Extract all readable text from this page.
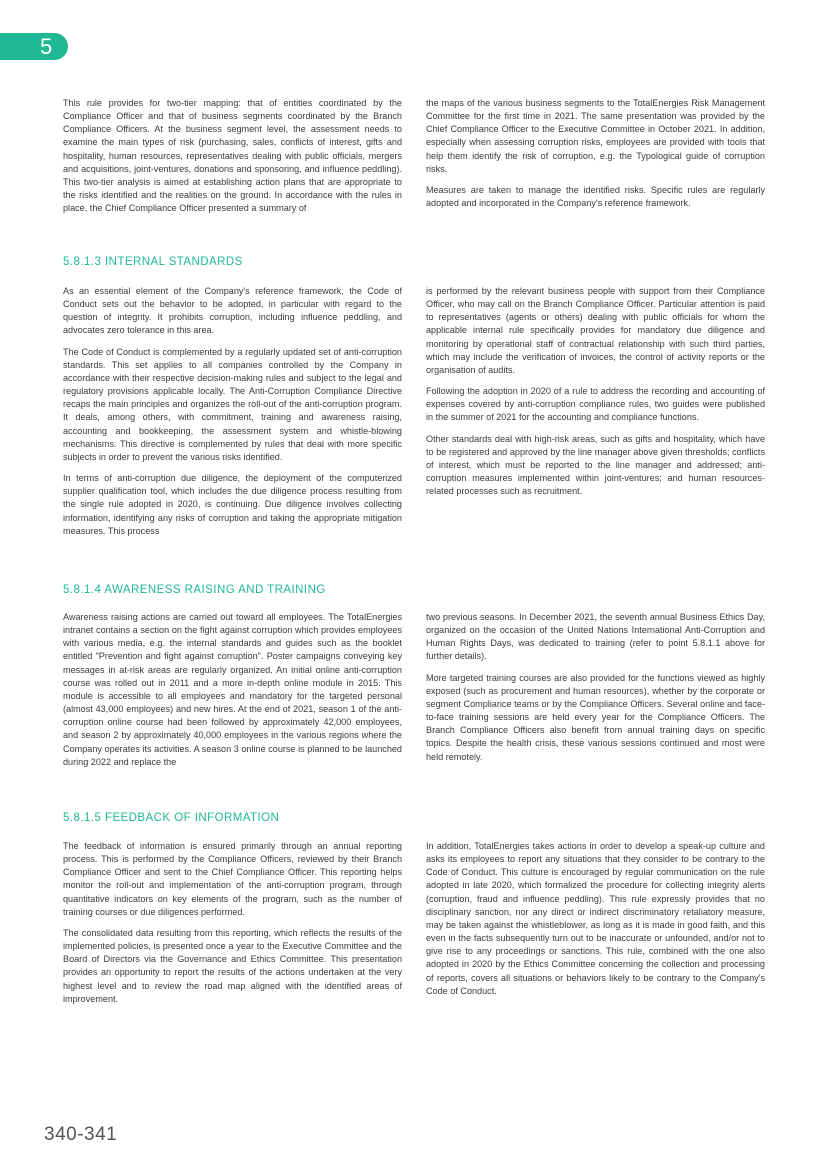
5

This rule provides for two-tier mapping: that of entities coordinated by the Compliance Officer and that of business segments coordinated by the Branch Compliance Officers. At the business segment level, the assessment needs to examine the main types of risk (purchasing, sales, conflicts of interest, gifts and hospitality, human resources, representatives dealing with public officials, mergers and acquisitions, joint-ventures, donations and sponsoring, and influence peddling). This two-tier analysis is aimed at establishing action plans that are appropriate to the risks identified and the realities on the ground. In accordance with the rules in place, the Chief Compliance Officer presented a summary of

the maps of the various business segments to the TotalEnergies Risk Management Committee for the first time in 2021. The same presentation was provided by the Chief Compliance Officer to the Executive Committee in October 2021. In addition, especially when assessing corruption risks, employees are provided with tools that help them identify the risk of corruption, e.g. the Typological guide of corruption risks.

Measures are taken to manage the identified risks. Specific rules are regularly adopted and incorporated in the Company's reference framework.

5.8.1.3 INTERNAL STANDARDS

As an essential element of the Company's reference framework, the Code of Conduct sets out the behavior to be adopted, in particular with regard to the question of integrity. It prohibits corruption, including influence peddling, and advocates zero tolerance in this area.

The Code of Conduct is complemented by a regularly updated set of anti-corruption standards. This set applies to all companies controlled by the Company in accordance with their respective decision-making rules and subject to the legal and regulatory provisions applicable locally. The Anti-Corruption Compliance Directive recaps the main principles and organizes the roll-out of the anti-corruption program. It deals, among others, with commitment, training and awareness raising, accounting and bookkeeping, the assessment system and whistle-blowing mechanisms. This directive is complemented by rules that deal with more specific subjects in order to prevent the various risks identified.

In terms of anti-corruption due diligence, the deployment of the computerized supplier qualification tool, which includes the due diligence process resulting from the single rule adopted in 2020, is continuing. Due diligence involves collecting information, identifying any risks of corruption and taking the appropriate mitigation measures. This process

is performed by the relevant business people with support from their Compliance Officer, who may call on the Branch Compliance Officer. Particular attention is paid to representatives (agents or others) dealing with public officials for whom the applicable internal rule specifically provides for mandatory due diligence and monitoring by operational staff of contractual relationship with such third parties, which may include the verification of invoices, the control of activity reports or the organisation of audits.

Following the adoption in 2020 of a rule to address the recording and accounting of expenses covered by anti-corruption compliance rules, two guides were published in the summer of 2021 for the accounting and compliance functions.

Other standards deal with high-risk areas, such as gifts and hospitality, which have to be registered and approved by the line manager above given thresholds; conflicts of interest, which must be reported to the line manager and addressed; anti-corruption measures implemented within joint-ventures; and human resources-related processes such as recruitment.

5.8.1.4 AWARENESS RAISING AND TRAINING

Awareness raising actions are carried out toward all employees. The TotalEnergies intranet contains a section on the fight against corruption which provides employees with various media, e.g. the internal standards and guides such as the booklet entitled "Prevention and fight against corruption". Poster campaigns conveying key messages in at-risk areas are regularly organized. An initial online anti-corruption course was rolled out in 2011 and a more in-depth online module in 2015. This module is accessible to all employees and mandatory for the targeted personal (almost 43,000 employees) and new hires. At the end of 2021, season 1 of the anti-corruption online course had been followed by approximately 42,000 employees, and season 2 by approximately 40,000 employees in the various regions where the Company operates its activities. A season 3 online course is planned to be launched during 2022 and replace the

two previous seasons. In December 2021, the seventh annual Business Ethics Day, organized on the occasion of the United Nations International Anti-Corruption and Human Rights Days, was dedicated to training (refer to point 5.8.1.1 above for further details).

More targeted training courses are also provided for the functions viewed as highly exposed (such as procurement and human resources), whether by the corporate or segment Compliance teams or by the Compliance Officers. Several online and face-to-face training sessions are held every year for the Compliance Officers. The Branch Compliance Officers also benefit from annual training days on specific topics. Despite the health crisis, these various sessions continued and most were held remotely.

5.8.1.5 FEEDBACK OF INFORMATION

The feedback of information is ensured primarily through an annual reporting process. This is performed by the Compliance Officers, reviewed by their Branch Compliance Officer and sent to the Chief Compliance Officer. This reporting helps monitor the roll-out and implementation of the anti-corruption program, through quantitative indicators on key elements of the program, such as the number of training courses or due diligences performed.

The consolidated data resulting from this reporting, which reflects the results of the implemented policies, is presented once a year to the Executive Committee and the Board of Directors via the Governance and Ethics Committee. This presentation provides an opportunity to report the results of the actions undertaken at the very highest level and to review the road map aligned with the identified areas of improvement.

In addition, TotalEnergies takes actions in order to develop a speak-up culture and asks its employees to report any situations that they consider to be contrary to the Code of Conduct. This culture is encouraged by regular communication on the rule adopted in late 2020, which formalized the procedure for collecting integrity alerts (corruption, fraud and influence peddling). This rule expressly provides that no disciplinary sanction, nor any direct or indirect discriminatory retaliatory measure, may be taken against the whistleblower, as long as it is made in good faith, and this even in the facts subsequently turn out to be inaccurate or unfounded, and/or not to give rise to any proceedings or sanctions. This rule, combined with the one also adopted in 2020 by the Ethics Committee concerning the collection and processing of reports, covers all situations or behaviors likely to be contrary to the Company's Code of Conduct.

340-341
